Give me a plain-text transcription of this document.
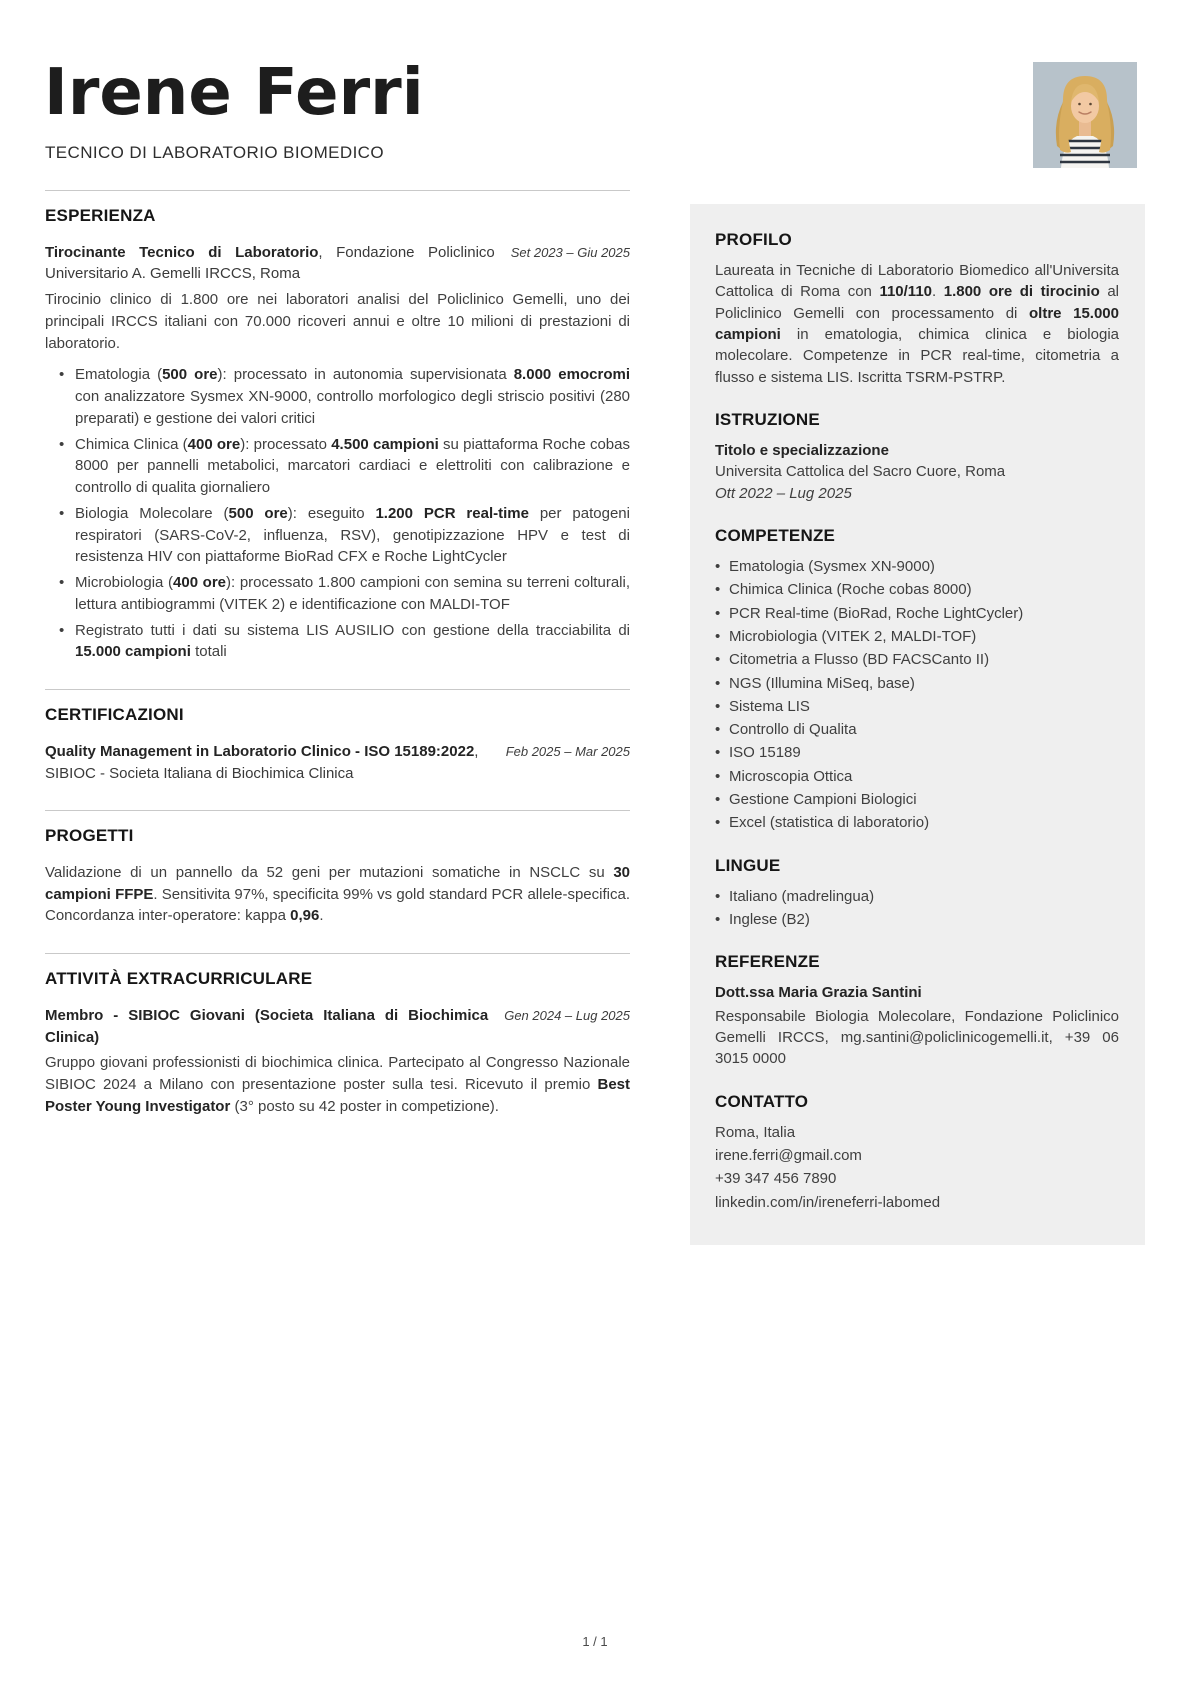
Irene Ferri
TECNICO DI LABORATORIO BIOMEDICO
ESPERIENZA

Set 2023 – Giu 2025
Tirocinante Tecnico di Laboratorio, Fondazione Policlinico Universitario A. Gemelli IRCCS, Roma

Tirocinio clinico di 1.800 ore nei laboratori analisi del Policlinico Gemelli, uno dei principali IRCCS italiani con 70.000 ricoveri annui e oltre 10 milioni di prestazioni di laboratorio.

• Ematologia (500 ore): processato in autonomia supervisionata 8.000 emocromi con analizzatore Sysmex XN-9000, controllo morfologico degli striscio positivi (280 preparati) e gestione dei valori critici
• Chimica Clinica (400 ore): processato 4.500 campioni su piattaforma Roche cobas 8000 per pannelli metabolici, marcatori cardiaci e elettroliti con calibrazione e controllo di qualita giornaliero
• Biologia Molecolare (500 ore): eseguito 1.200 PCR real-time per patogeni respiratori (SARS-CoV-2, influenza, RSV), genotipizzazione HPV e test di resistenza HIV con piattaforme BioRad CFX e Roche LightCycler
• Microbiologia (400 ore): processato 1.800 campioni con semina su terreni colturali, lettura antibiogrammi (VITEK 2) e identificazione con MALDI-TOF
• Registrato tutti i dati su sistema LIS AUSILIO con gestione della tracciabilita di 15.000 campioni totali
CERTIFICAZIONI

Feb 2025 – Mar 2025
Quality Management in Laboratorio Clinico - ISO 15189:2022,
SIBIOC - Societa Italiana di Biochimica Clinica

PROGETTI

Validazione di un pannello da 52 geni per mutazioni somatiche in NSCLC su 30 campioni FFPE. Sensitivita 97%, specificita 99% vs gold standard PCR allele-specifica. Concordanza inter-operatore: kappa 0,96.

ATTIVITÀ EXTRACURRICULARE

Gen 2024 – Lug 2025
Membro - SIBIOC Giovani (Societa Italiana di Biochimica Clinica)

Gruppo giovani professionisti di biochimica clinica. Partecipato al Congresso Nazionale SIBIOC 2024 a Milano con presentazione poster sulla tesi. Ricevuto il premio Best Poster Young Investigator (3° posto su 42 poster in competizione).

PROFILO

Laureata in Tecniche di Laboratorio Biomedico all'Universita Cattolica di Roma con 110/110. 1.800 ore di tirocinio al Policlinico Gemelli con processamento di oltre 15.000 campioni in ematologia, chimica clinica e biologia molecolare. Competenze in PCR real-time, citometria a flusso e sistema LIS. Iscritta TSRM-PSTRP.

ISTRUZIONE

Titolo e specializzazione

Universita Cattolica del Sacro Cuore, Roma

Ott 2022 – Lug 2025

COMPETENZE
• Ematologia (Sysmex XN-9000)
• Chimica Clinica (Roche cobas 8000)
• PCR Real-time (BioRad, Roche LightCycler)
• Microbiologia (VITEK 2, MALDI-TOF)
• Citometria a Flusso (BD FACSCanto II)
• NGS (Illumina MiSeq, base)
• Sistema LIS
• Controllo di Qualita
• ISO 15189
• Microscopia Ottica
• Gestione Campioni Biologici
• Excel (statistica di laboratorio)
LINGUE
• Italiano (madrelingua)
• Inglese (B2)
REFERENZE

Dott.ssa Maria Grazia Santini

Responsabile Biologia Molecolare, Fondazione Policlinico Gemelli IRCCS, mg.santini@policlinicogemelli.it, +39 06 3015 0000

CONTATTO
Roma, Italia
irene.ferri@gmail.com
+39 347 456 7890
linkedin.com/in/ireneferri-labomed
1 / 1
